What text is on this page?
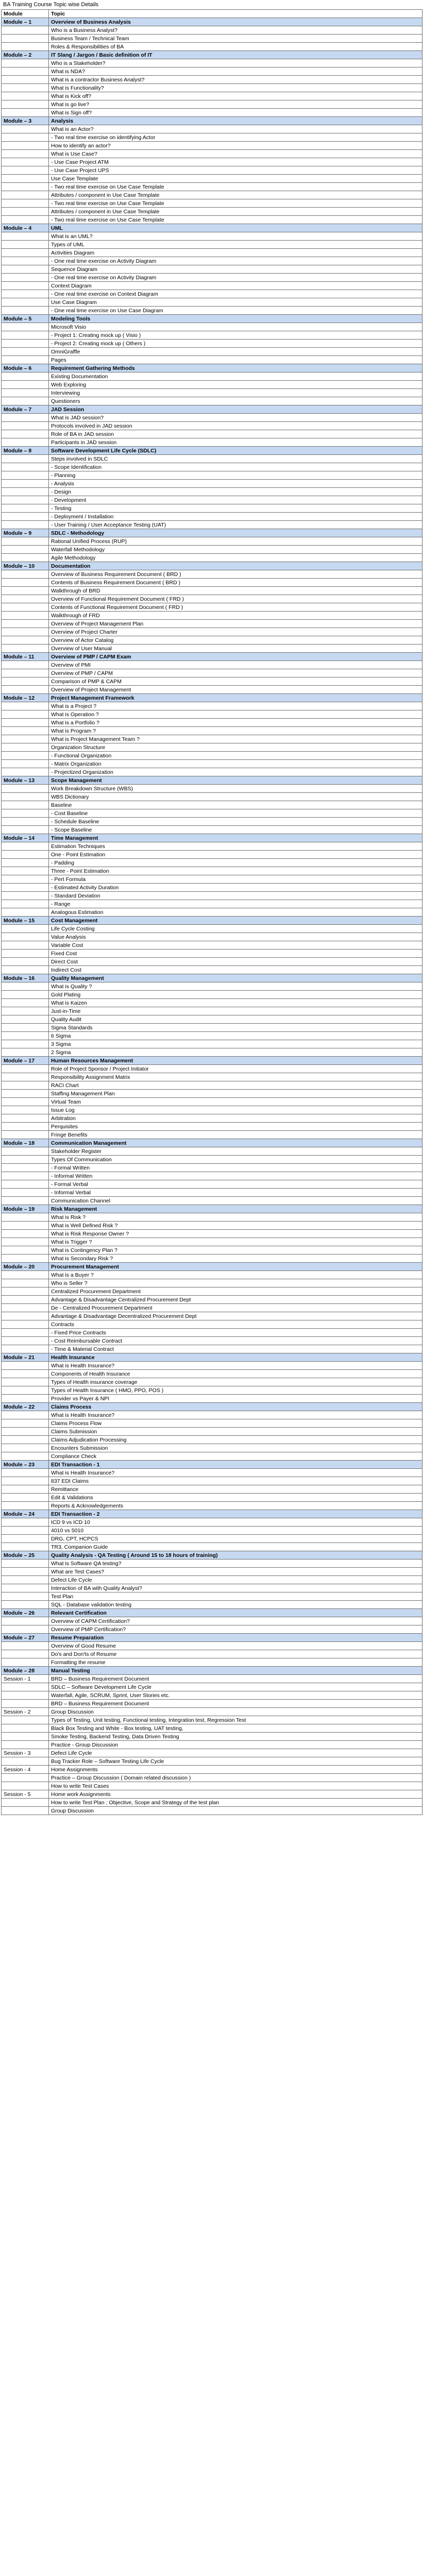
BA Training Course Topic wise Details
Module	Topic
Module – 1	Overview of Business Analysis
	Who is a Business Analyst?
	Business Team / Technical Team
	Roles & Responsibilities of BA
Module – 2	IT Slang / Jargon / Basic definition of IT
	Who is a Stakeholder?
	What is NDA?
	What is a contractor Business Analyst?
	What is Functionality?
	What is Kick off?
	What is go live?
	What is Sign off?
Module – 3	Analysis
	What is an Actor?
	- Two real time exercise on identifying Actor
	How to identify an actor?
	What is Use Case?
	- Use Case Project ATM
	- Use Case Project UPS
	Use Case Template
	- Two real time exercise on Use Case Template
	Attributes / component in Use Case Template
	- Two real time exercise on Use Case Template
	Attributes / component in Use Case Template
	- Two real time exercise on Use Case Template
Module – 4	UML
	What is an UML?
	Types of UML
	Activities Diagram
	- One real time exercise on Activity Diagram
	Sequence Diagram
	- One real time exercise on Activity Diagram
	Context Diagram
	- One real time exercise on Context Diagram
	Use Case Diagram
	- One real time exercise on Use Case Diagram
Module – 5	Modeling Tools
	Microsoft Visio
	- Project 1: Creating mock up ( Visio )
	- Project 2: Creating mock up ( Others )
	OmniGraffle
	Pages
Module – 6	Requirement Gathering Methods
	Existing Documentation
	Web Exploring
	Interviewing
	Questioners
Module – 7	JAD Session
	What is JAD session?
	Protocols involved in JAD session
	Role of BA in JAD session
	Participants in JAD session
Module – 8	Software Development Life Cycle (SDLC)
	Steps involved in SDLC
	- Scope Identification
	- Planning
	- Analysis
	- Design
	- Development
	- Testing
	- Deployment / Installation
	- User Training / User Acceptance Testing (UAT)
Module – 9	SDLC - Methodology
	Rational Unified Process (RUP)
	Waterfall Methodology
	Agile Methodology
Module – 10	Documentation
	Overview of Business Requirement Document ( BRD )
	Contents of Business Requirement Document ( BRD )
	Walkthrough of BRD
	Overview of Functional Requirement Document ( FRD )
	Contents of Functional Requirement Document ( FRD )
	Walkthrough of FRD
	Overview of Project Management Plan
	Overview of Project Charter
	Overview of Actor Catalog
	Overview of User Manual
Module – 11	Overview of PMP / CAPM Exam
	Overview of PMI
	Overview of PMP / CAPM
	Comparison of PMP & CAPM
	Overview of Project Management
Module – 12	Project Management Framework
	What is a Project ?
	What is Operation ?
	What is a Portfolio ?
	What is Program ?
	What is Project Management Team ?
	Organization Structure
	- Functional Organization
	- Matrix Organization
	- Projectized Organization
Module – 13	Scope Management
	Work Breakdown Structure (WBS)
	WBS Dictionary
	Baseline
	- Cost Baseline
	- Schedule Baseline
	- Scope Baseline
Module – 14	Time Management
	Estimation Techniques
	One - Point Estimation
	- Padding
	Three - Point Estimation
	- Pert Formula
	- Estimated Activity Duration
	- Standard Deviation
	- Range
	Analogous Estimation
Module – 15	Cost Management
	Life Cycle Costing
	Value Analysis
	Variable Cost
	Fixed Cost
	Direct Cost
	Indirect Cost
Module – 16	Quality Management
	What is Quality ?
	Gold Plating
	What is Kaizen
	Just-in-Time
	Quality Audit
	Sigma Standards
	6 Sigma
	3 Sigma
	2 Sigma
Module – 17	Human Resources Management
	Role of Project Sponsor / Project Initiator
	Responsibility Assignment Matrix
	RACI Chart
	Staffing Management Plan
	Virtual Team
	Issue Log
	Arbitration
	Perquisites
	Fringe Benefits
Module – 18	Communication Management
	Stakeholder Register
	Types Of Communication
	- Formal Written
	- Informal Written
	- Formal Verbal
	- Informal Verbal
	Communication Channel
Module – 19	Risk Management
	What is Risk ?
	What is Well Defined Risk ?
	What is Risk Response Owner ?
	What is Trigger ?
	What is Contingency Plan ?
	What is Secondary Risk ?
Module – 20	Procurement Management
	What is a Buyer ?
	Who is Seller ?
	Centralized Procurement Department
	Advantage & Disadvantage Centralized Procurement Dept
	De - Centralized Procurement Department
	Advantage & Disadvantage Decentralized Procurement Dept
	Contracts
	- Fixed Price Contracts
	- Cost Reimbursable Contract
	- Time & Material Contract
Module – 21	Health Insurance
	What is Health Insurance?
	Components of Health Insurance
	Types of Health insurance coverage
	Types of Health Insurance ( HMO, PPO, POS )
	Provider vs Payer & NPI
Module – 22	Claims Process
	What is Health Insurance?
	Claims Process Flow
	Claims Submission
	Claims Adjudication Processing
	Encounters Submission
	Compliance Check
Module – 23	EDI Transaction - 1
	What is Health Insurance?
	837 EDI Claims
	Remittance
	Edit & Validations
	Reports & Acknowledgements
Module – 24	EDI Transaction - 2
	ICD 9 vs ICD 10
	4010 vs 5010
	DRG, CPT, HCPCS
	TR3, Companion Guide
Module – 25	Quality Analysis - QA Testing ( Around 15 to 18 hours of training)
	What is Software QA testing?
	What are Test Cases?
	Defect Life Cycle
	Interaction of BA with Quality Analyst?
	Test Plan
	SQL - Database validation testing
Module – 26	Relevant Certification
	Overview of CAPM Certification?
	Overview of PMP Certification?
Module – 27	Resume Preparation
	Overview of Good Resume
	Do's and Don'ts of Resume
	Formatting the resume
Module – 28	Manual Testing
Session - 1	BRD – Business Requirement Document
	SDLC – Software Development Life Cycle
	Waterfall, Agile, SCRUM, Sprint, User Stories etc.
	BRD – Business Requirement Document
Session - 2	Group Discussion
	Types of Testing, Unit testing, Functional testing, Integration test, Regression Test
	Black Box Testing and White - Box testing, UAT testing,
	Smoke Testing, Backend Testing, Data Driven Testing
	Practice - Group Discussion
Session - 3	Defect Life Cycle
	Bug Tracker Role – Software Testing Life Cycle
Session - 4	Home Assignments
	Practice – Group Discussion ( Domain related discussion )
	How to write Test Cases
Session - 5	Home work Assignments
	How to write Test Plan ; Objective, Scope and Strategy of the test plan
	Group Discussion
